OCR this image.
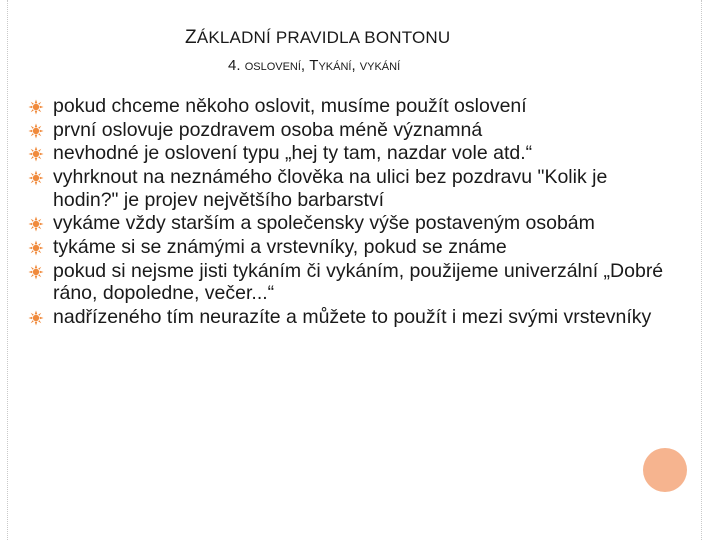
ZÁKLADNÍ PRAVIDLA BONTONU
4. oslovení, Tykání, vykání
pokud chceme někoho oslovit, musíme použít oslovení
první oslovuje pozdravem osoba méně významná
nevhodné je oslovení typu „hej ty tam, nazdar vole atd.“
vyhrknout na neznámého člověka na ulici bez pozdravu "Kolik je hodin?" je projev největšího barbarství
vykáme vždy starším a společensky výše postaveným osobám
tykáme si se známými a vrstevníky, pokud se známe
pokud si nejsme jisti tykáním či vykáním, použijeme univerzální „Dobré ráno, dopoledne, večer...“
nadřízeného tím neurazíte a můžete to použít i mezi svými vrstevníky
